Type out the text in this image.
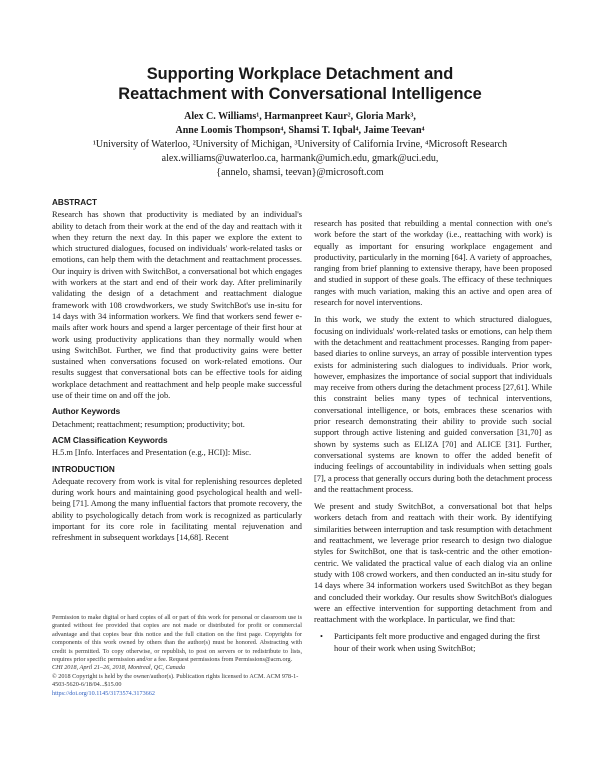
Supporting Workplace Detachment and
Reattachment with Conversational Intelligence
Alex C. Williams¹, Harmanpreet Kaur², Gloria Mark³,
Anne Loomis Thompson⁴, Shamsi T. Iqbal⁴, Jaime Teevan⁴
¹University of Waterloo, ²University of Michigan, ³University of California Irvine, ⁴Microsoft Research
alex.williams@uwaterloo.ca, harmank@umich.edu, gmark@uci.edu,
{annelo, shamsi, teevan}@microsoft.com
ABSTRACT

Research has shown that productivity is mediated by an individual's ability to detach from their work at the end of the day and reattach with it when they return the next day. In this paper we explore the extent to which structured dialogues, focused on individuals' work-related tasks or emotions, can help them with the detachment and reattachment processes. Our inquiry is driven with SwitchBot, a conversational bot which engages with workers at the start and end of their work day. After preliminarily validating the design of a detachment and reattachment dialogue framework with 108 crowdworkers, we study SwitchBot's use in-situ for 14 days with 34 information workers. We find that workers send fewer e-mails after work hours and spend a larger percentage of their first hour at work using productivity applications than they normally would when using SwitchBot. Further, we find that productivity gains were better sustained when conversations focused on work-related emotions. Our results suggest that conversational bots can be effective tools for aiding workplace detachment and reattachment and help people make successful use of their time on and off the job.

Author Keywords

Detachment; reattachment; resumption; productivity; bot.

ACM Classification Keywords

H.5.m [Info. Interfaces and Presentation (e.g., HCI)]: Misc.

INTRODUCTION

Adequate recovery from work is vital for replenishing resources depleted during work hours and maintaining good psychological health and well-being [71]. Among the many influential factors that promote recovery, the ability to psychologically detach from work is recognized as particularly important for its core role in facilitating mental rejuvenation and refreshment in subsequent workdays [14,68]. Recent

Permission to make digital or hard copies of all or part of this work for personal or classroom use is granted without fee provided that copies are not made or distributed for profit or commercial advantage and that copies bear this notice and the full citation on the first page. Copyrights for components of this work owned by others than the author(s) must be honored. Abstracting with credit is permitted. To copy otherwise, or republish, to post on servers or to redistribute to lists, requires prior specific permission and/or a fee. Request permissions from Permissions@acm.org.

CHI 2018, April 21–26, 2018, Montreal, QC, Canada

© 2018 Copyright is held by the owner/author(s). Publication rights licensed to ACM. ACM 978-1-4503-5620-6/18/04...$15.00

https://doi.org/10.1145/3173574.3173662

research has posited that rebuilding a mental connection with one's work before the start of the workday (i.e., reattaching with work) is equally as important for ensuring workplace engagement and productivity, particularly in the morning [64]. A variety of approaches, ranging from brief planning to extensive therapy, have been proposed and studied in support of these goals. The efficacy of these techniques ranges with much variation, making this an active and open area of research for novel interventions.

In this work, we study the extent to which structured dialogues, focusing on individuals' work-related tasks or emotions, can help them with the detachment and reattachment processes. Ranging from paper-based diaries to online surveys, an array of possible intervention types exists for administering such dialogues to individuals. Prior work, however, emphasizes the importance of social support that individuals may receive from others during the detachment process [27,61]. While this constraint belies many types of technical interventions, conversational intelligence, or bots, embraces these scenarios with prior research demonstrating their ability to provide such social support through active listening and guided conversation [31,70] as shown by systems such as ELIZA [70] and ALICE [31]. Further, conversational systems are known to offer the added benefit of inducing feelings of accountability in individuals when setting goals [7], a process that generally occurs during both the detachment process and the reattachment process.

We present and study SwitchBot, a conversational bot that helps workers detach from and reattach with their work. By identifying similarities between interruption and task resumption with detachment and reattachment, we leverage prior research to design two dialogue styles for SwitchBot, one that is task-centric and the other emotion-centric. We validated the practical value of each dialog via an online study with 108 crowd workers, and then conducted an in-situ study for 14 days where 34 information workers used SwitchBot as they began and concluded their workday. Our results show SwitchBot's dialogues were an effective intervention for supporting detachment from and reattachment with the workplace. In particular, we find that:

• Participants felt more productive and engaged during the first hour of their work when using SwitchBot;
